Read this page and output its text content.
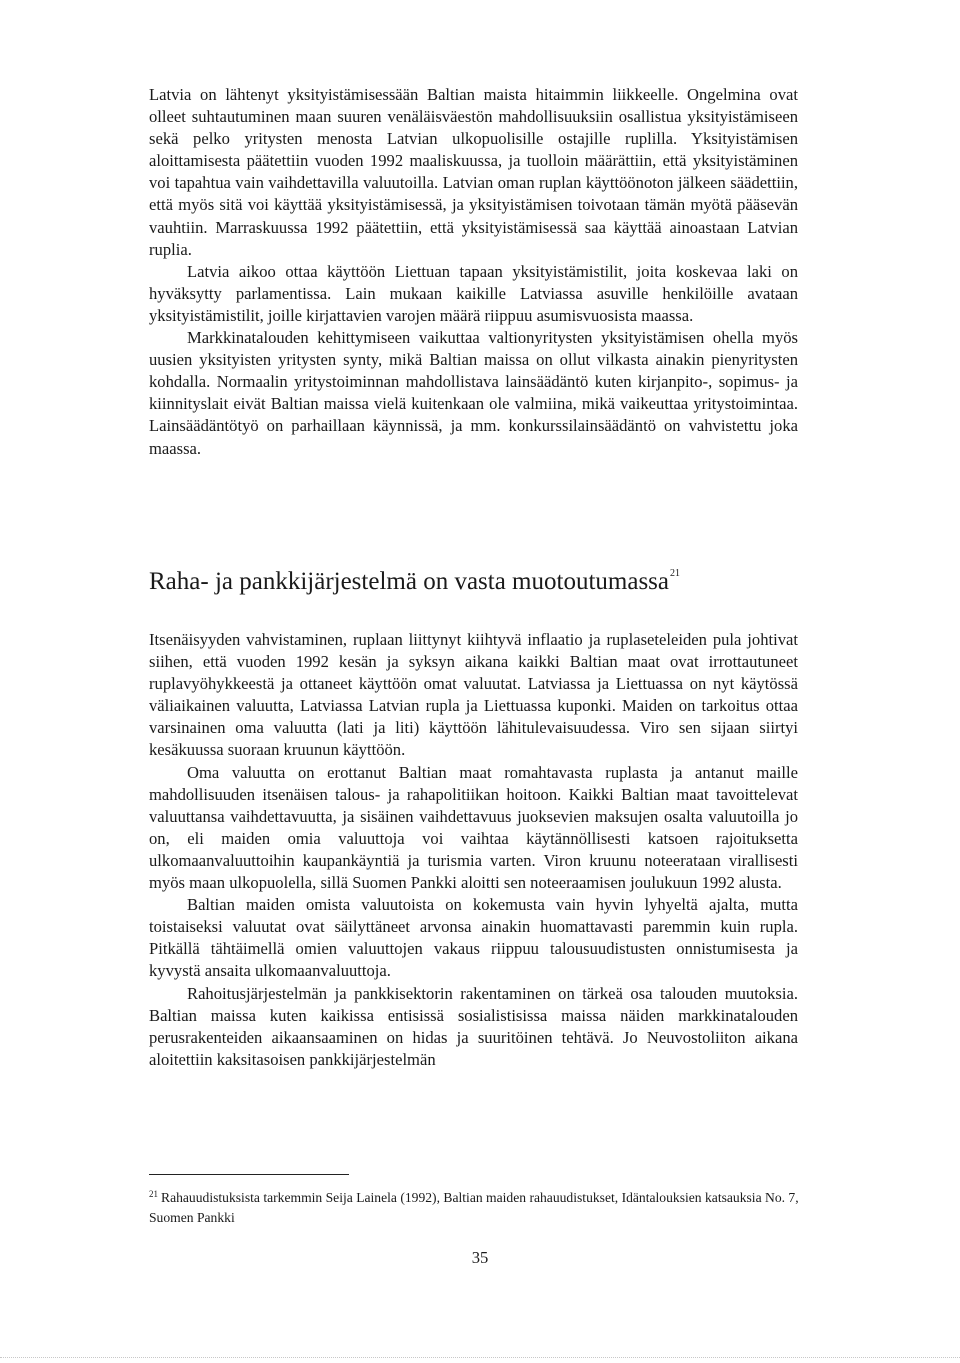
Latvia on lähtenyt yksityistämisessään Baltian maista hitaimmin liikkeelle. Ongelmina ovat olleet suhtautuminen maan suuren venäläisväestön mahdollisuuksiin osallistua yksityistämiseen sekä pelko yritysten menosta Latvian ulkopuolisille ostajille ruplilla. Yksityistämisen aloittamisesta päätettiin vuoden 1992 maaliskuussa, ja tuolloin määrättiin, että yksityistäminen voi tapahtua vain vaihdettavilla valuutoilla. Latvian oman ruplan käyttöönoton jälkeen säädettiin, että myös sitä voi käyttää yksityistämisessä, ja yksityistämisen toivotaan tämän myötä pääsevän vauhtiin. Marraskuussa 1992 päätettiin, että yksityistämisessä saa käyttää ainoastaan Latvian ruplia.

Latvia aikoo ottaa käyttöön Liettuan tapaan yksityistämistilit, joita koskevaa laki on hyväksytty parlamentissa. Lain mukaan kaikille Latviassa asuville henkilöille avataan yksityistämistilit, joille kirjattavien varojen määrä riippuu asumisvuosista maassa.

Markkinatalouden kehittymiseen vaikuttaa valtionyritysten yksityistämisen ohella myös uusien yksityisten yritysten synty, mikä Baltian maissa on ollut vilkasta ainakin pienyritysten kohdalla. Normaalin yritystoiminnan mahdollistava lainsäädäntö kuten kirjanpito-, sopimus- ja kiinnityslait eivät Baltian maissa vielä kuitenkaan ole valmiina, mikä vaikeuttaa yritystoimintaa. Lainsäädäntötyö on parhaillaan käynnissä, ja mm. konkurssilainsäädäntö on vahvistettu joka maassa.

Raha- ja pankkijärjestelmä on vasta muotoutumassa$^{21}$

Itsenäisyyden vahvistaminen, ruplaan liittynyt kiihtyvä inflaatio ja ruplaseteleiden pula johtivat siihen, että vuoden 1992 kesän ja syksyn aikana kaikki Baltian maat ovat irrottautuneet ruplavyöhykkeestä ja ottaneet käyttöön omat valuutat. Latviassa ja Liettuassa on nyt käytössä väliaikainen valuutta, Latviassa Latvian rupla ja Liettuassa kuponki. Maiden on tarkoitus ottaa varsinainen oma valuutta (lati ja liti) käyttöön lähitulevaisuudessa. Viro sen sijaan siirtyi kesäkuussa suoraan kruunun käyttöön.

Oma valuutta on erottanut Baltian maat romahtavasta ruplasta ja antanut maille mahdollisuuden itsenäisen talous- ja rahapolitiikan hoitoon. Kaikki Baltian maat tavoittelevat valuuttansa vaihdettavuutta, ja sisäinen vaihdettavuus juoksevien maksujen osalta valuutoilla jo on, eli maiden omia valuuttoja voi vaihtaa käytännöllisesti katsoen rajoituksetta ulkomaanvaluuttoihin kaupankäyntiä ja turismia varten. Viron kruunu noteerataan virallisesti myös maan ulkopuolella, sillä Suomen Pankki aloitti sen noteeraamisen joulukuun 1992 alusta.

Baltian maiden omista valuutoista on kokemusta vain hyvin lyhyeltä ajalta, mutta toistaiseksi valuutat ovat säilyttäneet arvonsa ainakin huomattavasti paremmin kuin rupla. Pitkällä tähtäimellä omien valuuttojen vakaus riippuu talousuudistusten onnistumisesta ja kyvystä ansaita ulkomaanvaluuttoja.

Rahoitusjärjestelmän ja pankkisektorin rakentaminen on tärkeä osa talouden muutoksia. Baltian maissa kuten kaikissa entisissä sosialistisissa maissa näiden markkinatalouden perusrakenteiden aikaansaaminen on hidas ja suuritöinen tehtävä. Jo Neuvostoliiton aikana aloitettiin kaksitasoisen pankkijärjestelmän

$^{21}$ Rahauudistuksista tarkemmin Seija Lainela (1992), Baltian maiden rahauudistukset, Idäntalouksien katsauksia No. 7, Suomen Pankki

35
